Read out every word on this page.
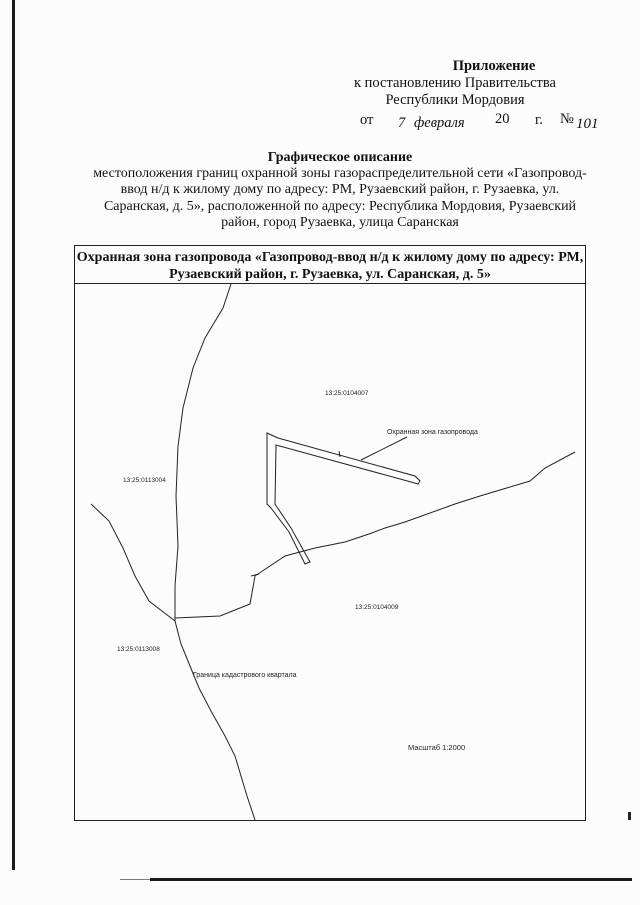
Приложение
к постановлению Правительства
Республики Мордовия
от 7 февраля 20 г. № 101
Графическое описание
местоположения границ охранной зоны газораспределительной сети «Газопровод-ввод н/д к жилому дому по адресу: РМ, Рузаевский район, г. Рузаевка, ул. Саранская, д. 5», расположенной по адресу: Республика Мордовия, Рузаевский район, город Рузаевка, улица Саранская
Охранная зона газопровода «Газопровод-ввод н/д к жилому дому по адресу: РМ, Рузаевский район, г. Рузаевка, ул. Саранская, д. 5»
13:25:0104007
13:25:0113004
13:25:0104009
13:25:0113008
Охранная зона газопровода
Граница кадастрового квартала
Масштаб 1:2000
